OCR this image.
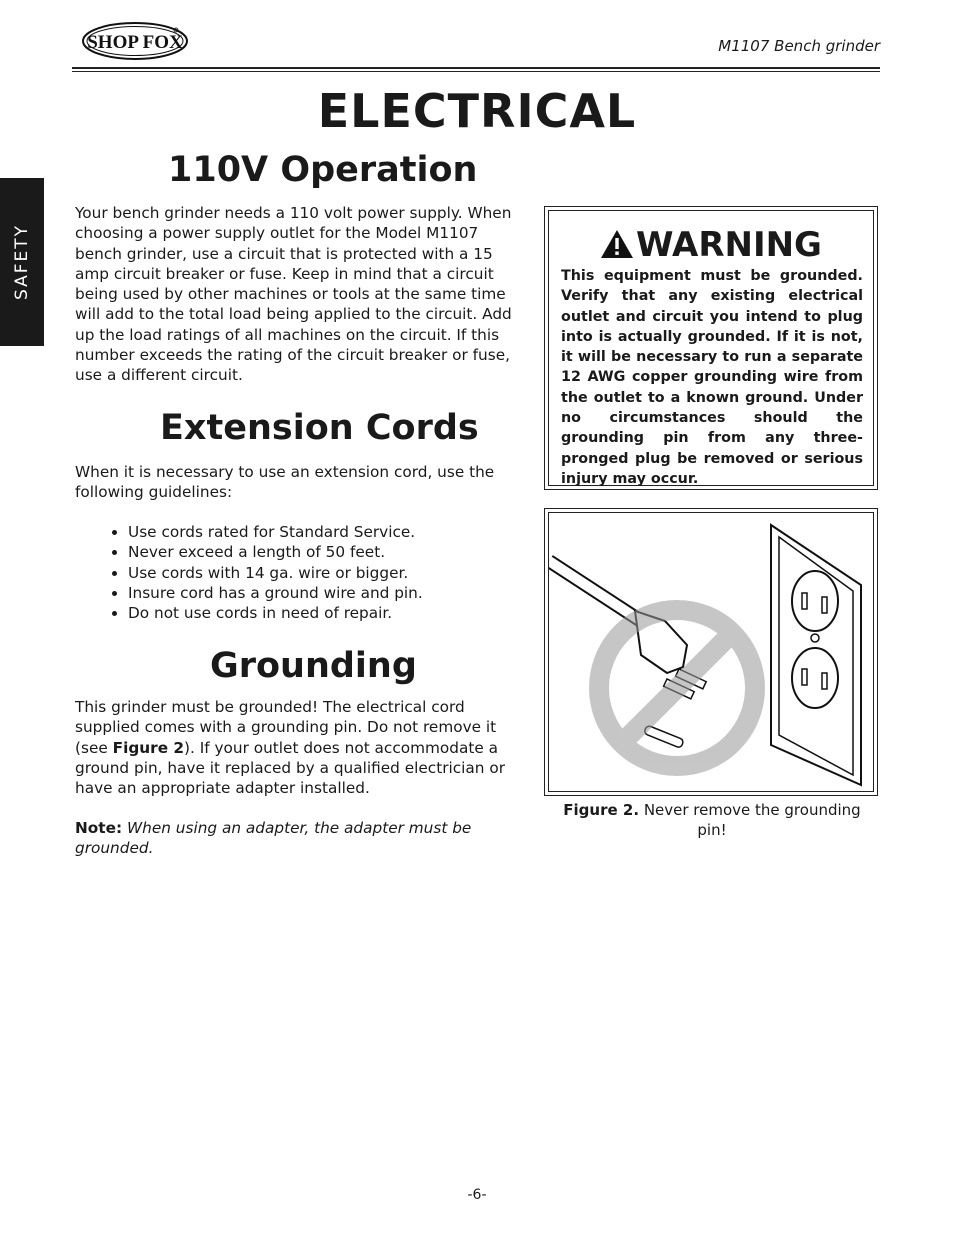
SHOP FOX	M1107 Bench grinder
SAFETY
ELECTRICAL
110V Operation
Your bench grinder needs a 110 volt power supply. When choosing a power supply outlet for the Model M1107 bench grinder, use a circuit that is protected with a 15 amp circuit breaker or fuse. Keep in mind that a circuit being used by other machines or tools at the same time will add to the total load being applied to the circuit. Add up the load ratings of all machines on the circuit. If this number exceeds the rating of the circuit breaker or fuse, use a different circuit.
Extension Cords
When it is necessary to use an extension cord, use the following guidelines:
• Use cords rated for Standard Service.
• Never exceed a length of 50 feet.
• Use cords with 14 ga. wire or bigger.
• Insure cord has a ground wire and pin.
• Do not use cords in need of repair.
Grounding
This grinder must be grounded! The electrical cord supplied comes with a grounding pin. Do not remove it (see Figure 2). If your outlet does not accommodate a ground pin, have it replaced by a qualified electrician or have an appropriate adapter installed.
Note: When using an adapter, the adapter must be grounded.
WARNING
This equipment must be grounded. Verify that any existing electrical outlet and circuit you intend to plug into is actually grounded. If it is not, it will be necessary to run a separate 12 AWG copper grounding wire from the outlet to a known ground. Under no circumstances should the grounding pin from any three-pronged plug be removed or serious injury may occur.
Figure 2. Never remove the grounding pin!
-6-
